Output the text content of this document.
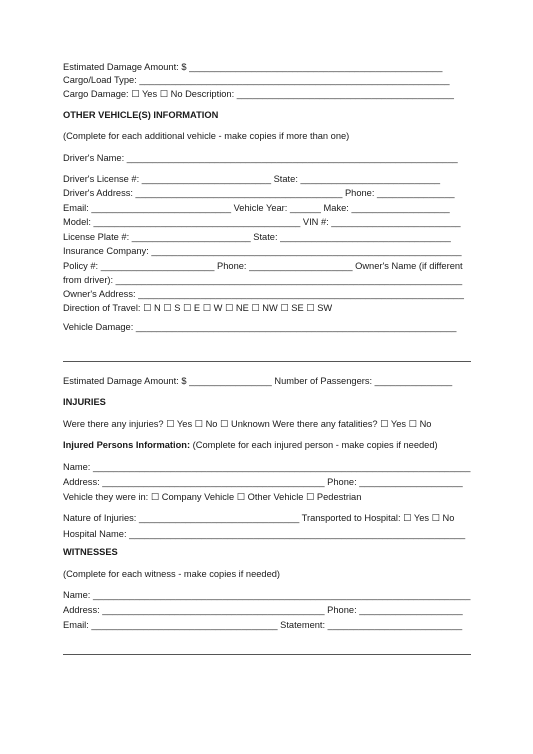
Estimated Damage Amount: $ _________________________________________________
Cargo/Load Type: ____________________________________________________________
Cargo Damage: ☐ Yes ☐ No Description: __________________________________________
OTHER VEHICLE(S) INFORMATION
(Complete for each additional vehicle - make copies if more than one)
Driver's Name: ________________________________________________________________
Driver's License #: _________________________ State: ___________________________
Driver's Address: ________________________________________ Phone: _______________
Email: ___________________________ Vehicle Year: ______ Make: ___________________
Model: ________________________________________ VIN #: _________________________
License Plate #: _______________________ State: _________________________________
Insurance Company: ____________________________________________________________
Policy #: ______________________ Phone: ____________________ Owner's Name (if different
from driver): ___________________________________________________________________
Owner's Address: _______________________________________________________________
Direction of Travel: ☐ N ☐ S ☐ E ☐ W ☐ NE ☐ NW ☐ SE ☐ SW
Vehicle Damage: ______________________________________________________________
Estimated Damage Amount: $ ________________ Number of Passengers: _______________
INJURIES
Were there any injuries? ☐ Yes ☐ No ☐ Unknown Were there any fatalities? ☐ Yes ☐ No
Injured Persons Information: (Complete for each injured person - make copies if needed)
Name: _________________________________________________________________________
Address: ___________________________________________ Phone: ____________________
Vehicle they were in: ☐ Company Vehicle ☐ Other Vehicle ☐ Pedestrian
Nature of Injuries: _______________________________ Transported to Hospital: ☐ Yes ☐ No
Hospital Name: _________________________________________________________________
WITNESSES
(Complete for each witness - make copies if needed)
Name: _________________________________________________________________________
Address: ___________________________________________ Phone: ____________________
Email: ____________________________________ Statement: __________________________
